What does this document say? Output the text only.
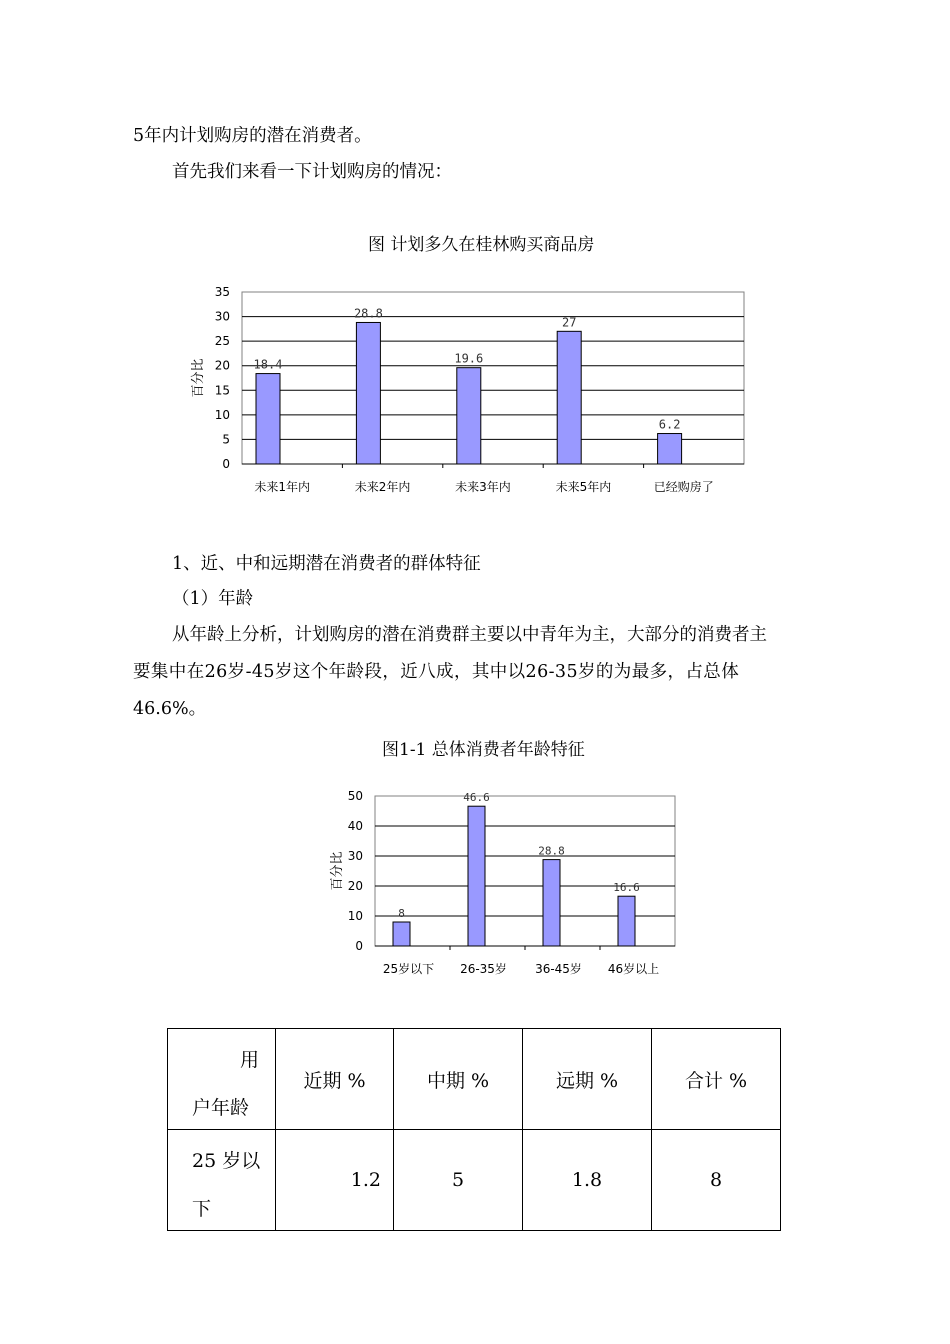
5年内计划购房的潜在消费者。
首先我们来看一下计划购房的情况：
图 计划多久在桂林购买商品房
0
5
10
15
20
25
30
35
18.4
28.8
19.6
27
6.2
未来1年内	未来2年内	未来3年内	未来5年内	已经购房了
百分比
1、近、中和远期潜在消费者的群体特征
（1）年龄
从年龄上分析，计划购房的潜在消费群主要以中青年为主，大部分的消费者主
要集中在26岁-45岁这个年龄段，近八成，其中以26-35岁的为最多，占总体
46.6%。
图1-1 总体消费者年龄特征
0
10
20
30
40
50
8
46.6
28.8
16.6
25岁以下 26-35岁 36-45岁 46岁以上
百分比
用
户年龄	近期 %	中期 %	远期 %	合计 %

25 岁以
下	1.2	5	1.8	8
